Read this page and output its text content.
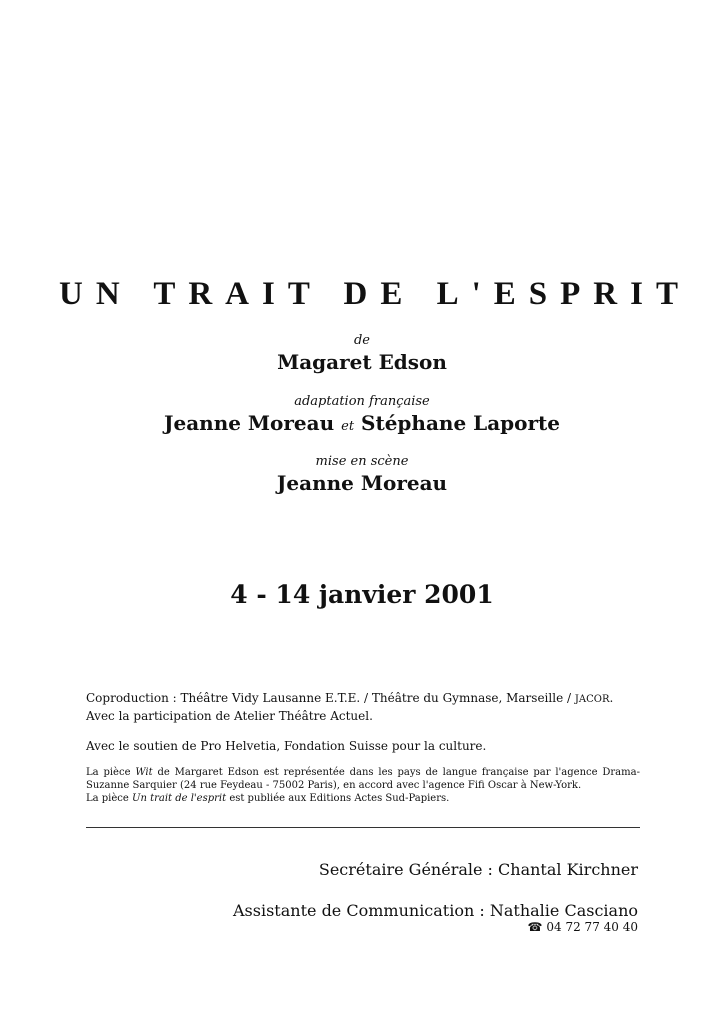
UN TRAIT DE L'ESPRIT
de
Magaret Edson
adaptation française
Jeanne Moreau et Stéphane Laporte
mise en scène
Jeanne Moreau
4 - 14 janvier 2001

Coproduction : Théâtre Vidy Lausanne E.T.E. / Théâtre du Gymnase, Marseille / JACOR.

Avec la participation de Atelier Théâtre Actuel.

Avec le soutien de Pro Helvetia, Fondation Suisse pour la culture.

La pièce Wit de Margaret Edson est représentée dans les pays de langue française par l'agence Drama-Suzanne Sarquier (24 rue Feydeau - 75002 Paris), en accord avec l'agence Fifi Oscar à New-York.
La pièce Un trait de l'esprit est publiée aux Editions Actes Sud-Papiers.

Secrétaire Générale : Chantal Kirchner
Assistante de Communication : Nathalie Casciano
☎ 04 72 77 40 40
